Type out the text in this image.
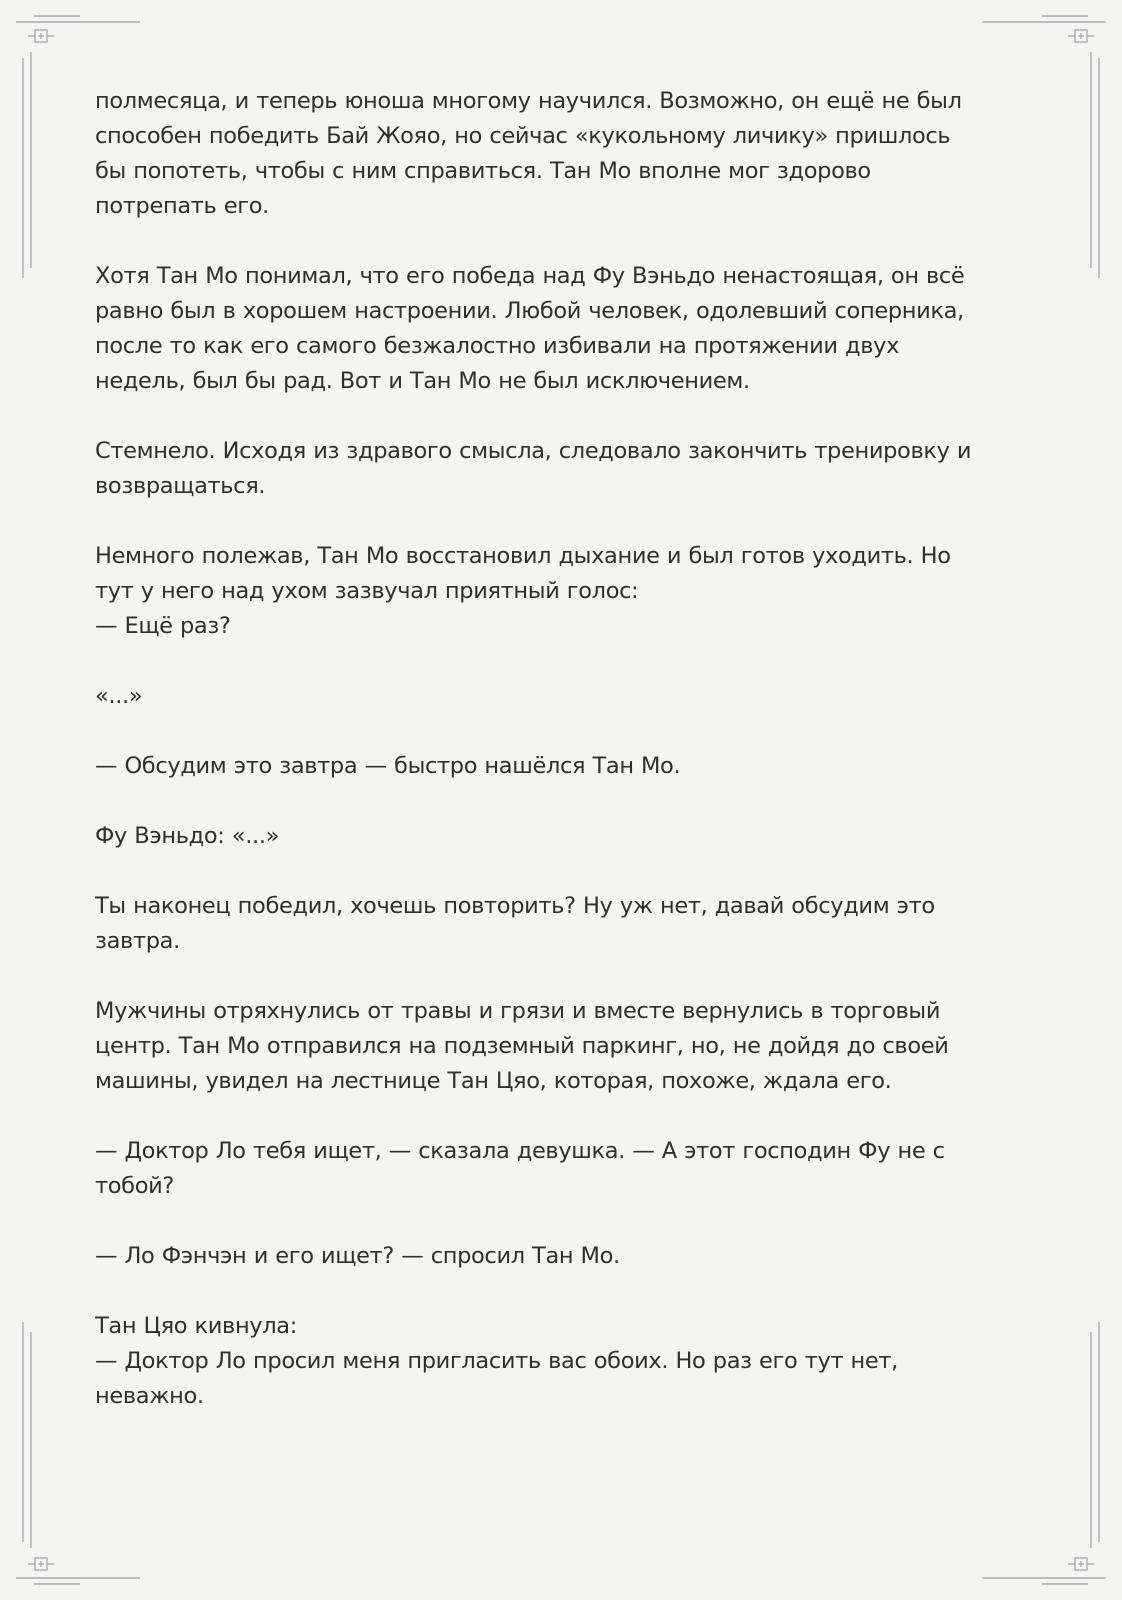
полмесяца, и теперь юноша многому научился. Возможно, он ещё не был
способен победить Бай Жояо, но сейчас «кукольному личику» пришлось
бы попотеть, чтобы с ним справиться. Тан Мо вполне мог здорово
потрепать его.

Хотя Тан Мо понимал, что его победа над Фу Вэньдо ненастоящая, он всё
равно был в хорошем настроении. Любой человек, одолевший соперника,
после то как его самого безжалостно избивали на протяжении двух
недель, был бы рад. Вот и Тан Мо не был исключением.

Стемнело. Исходя из здравого смысла, следовало закончить тренировку и
возвращаться.

Немного полежав, Тан Мо восстановил дыхание и был готов уходить. Но
тут у него над ухом зазвучал приятный голос:
— Ещё раз?

«...»

— Обсудим это завтра — быстро нашёлся Тан Мо.

Фу Вэньдо: «...»

Ты наконец победил, хочешь повторить? Ну уж нет, давай обсудим это
завтра.

Мужчины отряхнулись от травы и грязи и вместе вернулись в торговый
центр. Тан Мо отправился на подземный паркинг, но, не дойдя до своей
машины, увидел на лестнице Тан Цяо, которая, похоже, ждала его.

— Доктор Ло тебя ищет, — сказала девушка. — А этот господин Фу не с
тобой?

— Ло Фэнчэн и его ищет? — спросил Тан Мо.

Тан Цяо кивнула:
— Доктор Ло просил меня пригласить вас обоих. Но раз его тут нет,
неважно.
